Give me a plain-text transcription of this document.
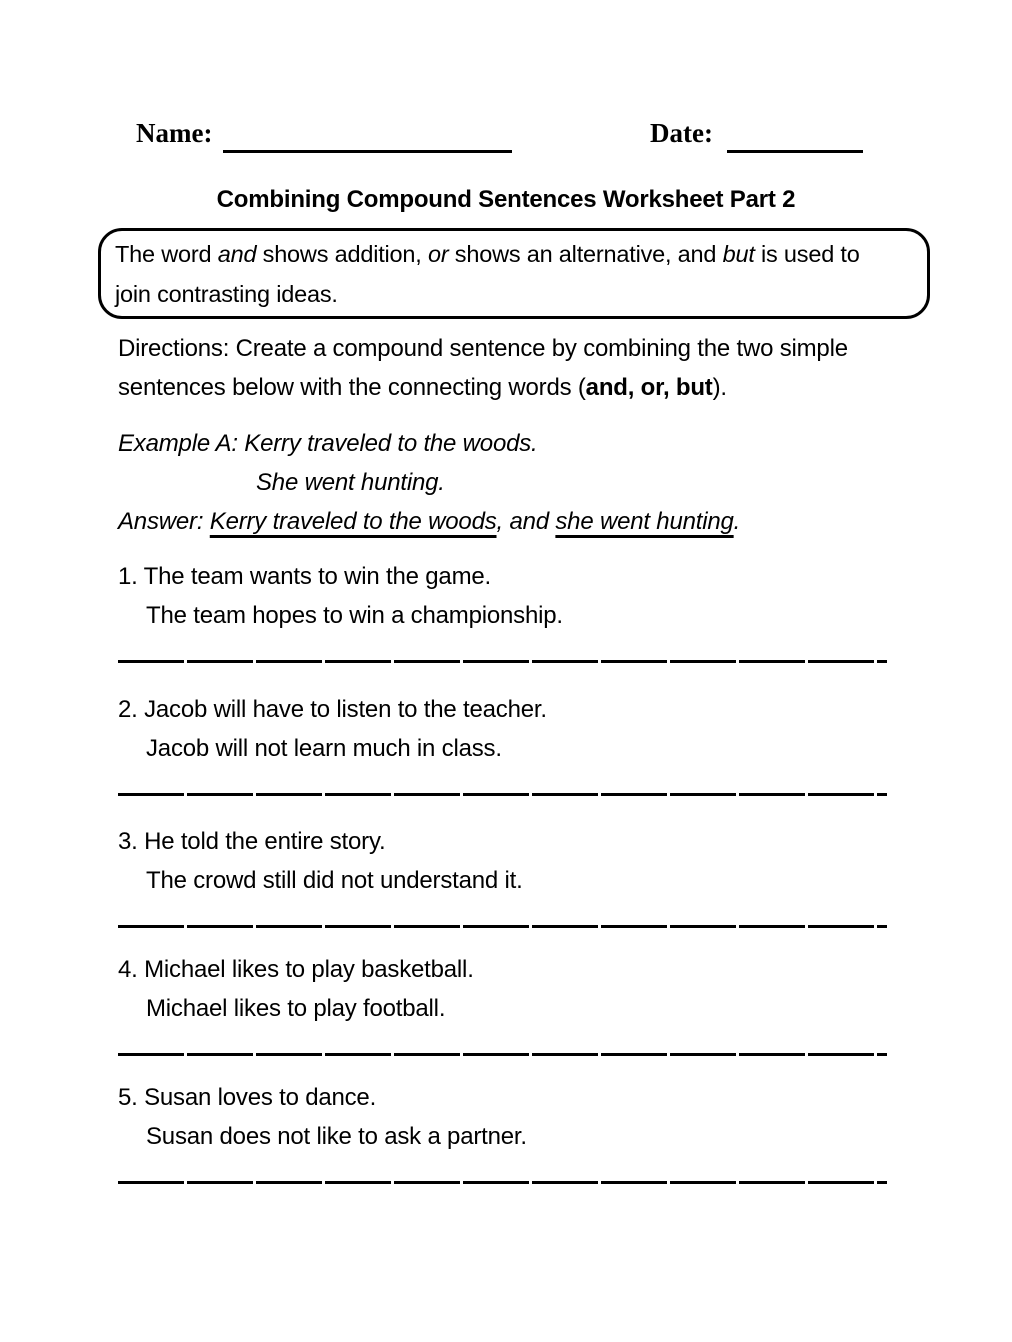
Name:	Date:
Combining Compound Sentences Worksheet Part 2
The word and shows addition, or shows an alternative, and but is used to
join contrasting ideas.
Directions: Create a compound sentence by combining the two simple
sentences below with the connecting words (and, or, but).
Example A: Kerry traveled to the woods.
She went hunting.
Answer: Kerry traveled to the woods, and she went hunting.
1. The team wants to win the game.
The team hopes to win a championship.
2. Jacob will have to listen to the teacher.
Jacob will not learn much in class.
3. He told the entire story.
The crowd still did not understand it.
4. Michael likes to play basketball.
Michael likes to play football.
5. Susan loves to dance.
Susan does not like to ask a partner.
